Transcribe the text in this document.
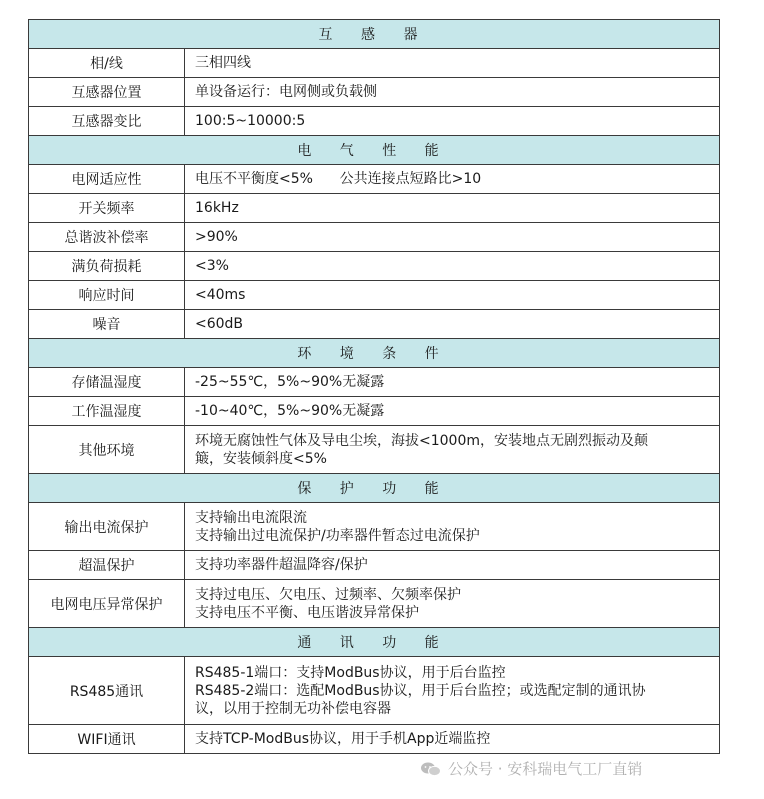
互 感 器	
相/线	三相四线
互感器位置	单设备运行：电网侧或负载侧
互感器变比	100:5~10000:5
电 气 性 能	
电网适应性	电压不平衡度<5%      公共连接点短路比>10
开关频率	16kHz
总谐波补偿率	>90%
满负荷损耗	<3%
响应时间	<40ms
噪音	<60dB
环 境 条 件	
存储温湿度	-25~55℃，5%~90%无凝露
工作温湿度	-10~40℃，5%~90%无凝露
其他环境	环境无腐蚀性气体及导电尘埃，海拔<1000m，安装地点无剧烈振动及颠
簸，安装倾斜度<5%

保 护 功 能	
输出电流保护	支持输出电流限流
支持输出过电流保护/功率器件暂态过电流保护

超温保护	支持功率器件超温降容/保护
电网电压异常保护	支持过电压、欠电压、过频率、欠频率保护
支持电压不平衡、电压谐波异常保护

通 讯 功 能	
RS485通讯	RS485-1端口：支持ModBus协议，用于后台监控
RS485-2端口：选配ModBus协议，用于后台监控；或选配定制的通讯协
议，以用于控制无功补偿电容器

WIFI通讯	支持TCP-ModBus协议，用于手机App近端监控
公众号 · 安科瑞电气工厂直销
